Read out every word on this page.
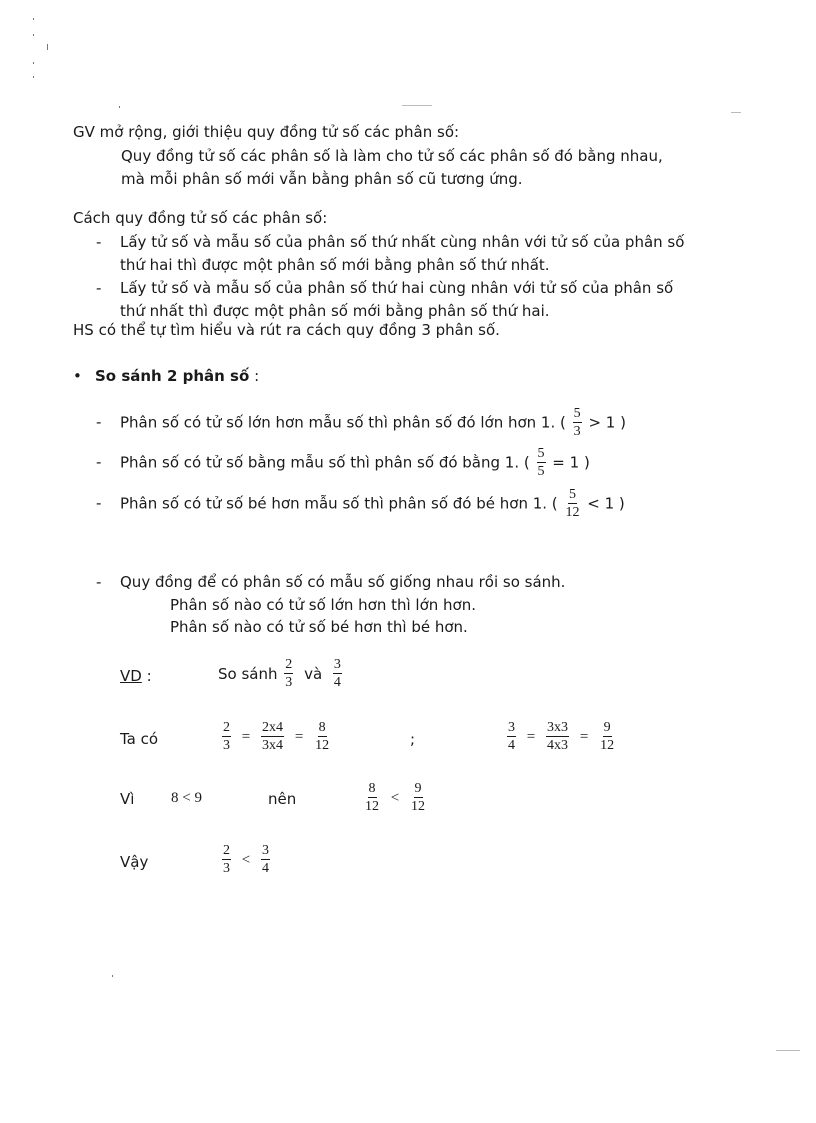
GV mở rộng, giới thiệu quy đồng tử số các phân số:
Quy đồng tử số các phân số là làm cho tử số các phân số đó bằng nhau,
mà mỗi phân số mới vẫn bằng phân số cũ tương ứng.
Cách quy đồng tử số các phân số:
- Lấy tử số và mẫu số của phân số thứ nhất cùng nhân với tử số của phân số
thứ hai thì được một phân số mới bằng phân số thứ nhất.
- Lấy tử số và mẫu số của phân số thứ hai cùng nhân với tử số của phân số
thứ nhất thì được một phân số mới bằng phân số thứ hai.
HS có thể tự tìm hiểu và rút ra cách quy đồng 3 phân số.
• So sánh 2 phân số :
- Phân số có tử số lớn hơn mẫu số thì phân số đó lớn hơn 1. ( $\frac{5}{3} > 1$ )
- Phân số có tử số bằng mẫu số thì phân số đó bằng 1. ( $\frac{5}{5} = 1$ )
- Phân số có tử số bé hơn mẫu số thì phân số đó bé hơn 1. ( $\frac{5}{12} < 1$ )
- Quy đồng để có phân số có mẫu số giống nhau rồi so sánh.
Phân số nào có tử số lớn hơn thì lớn hơn.
Phân số nào có tử số bé hơn thì bé hơn.
VD :	So sánh $\frac{2}{3}$ và $\frac{3}{4}$
Ta có	$\frac{2}{3} = \frac{2x4}{3x4} = \frac{8}{12}$	;	$\frac{3}{4} = \frac{3x3}{4x3} = \frac{9}{12}$
Vì 8 < 9	nên	$\frac{8}{12} < \frac{9}{12}$
Vậy	$\frac{2}{3} < \frac{3}{4}$
